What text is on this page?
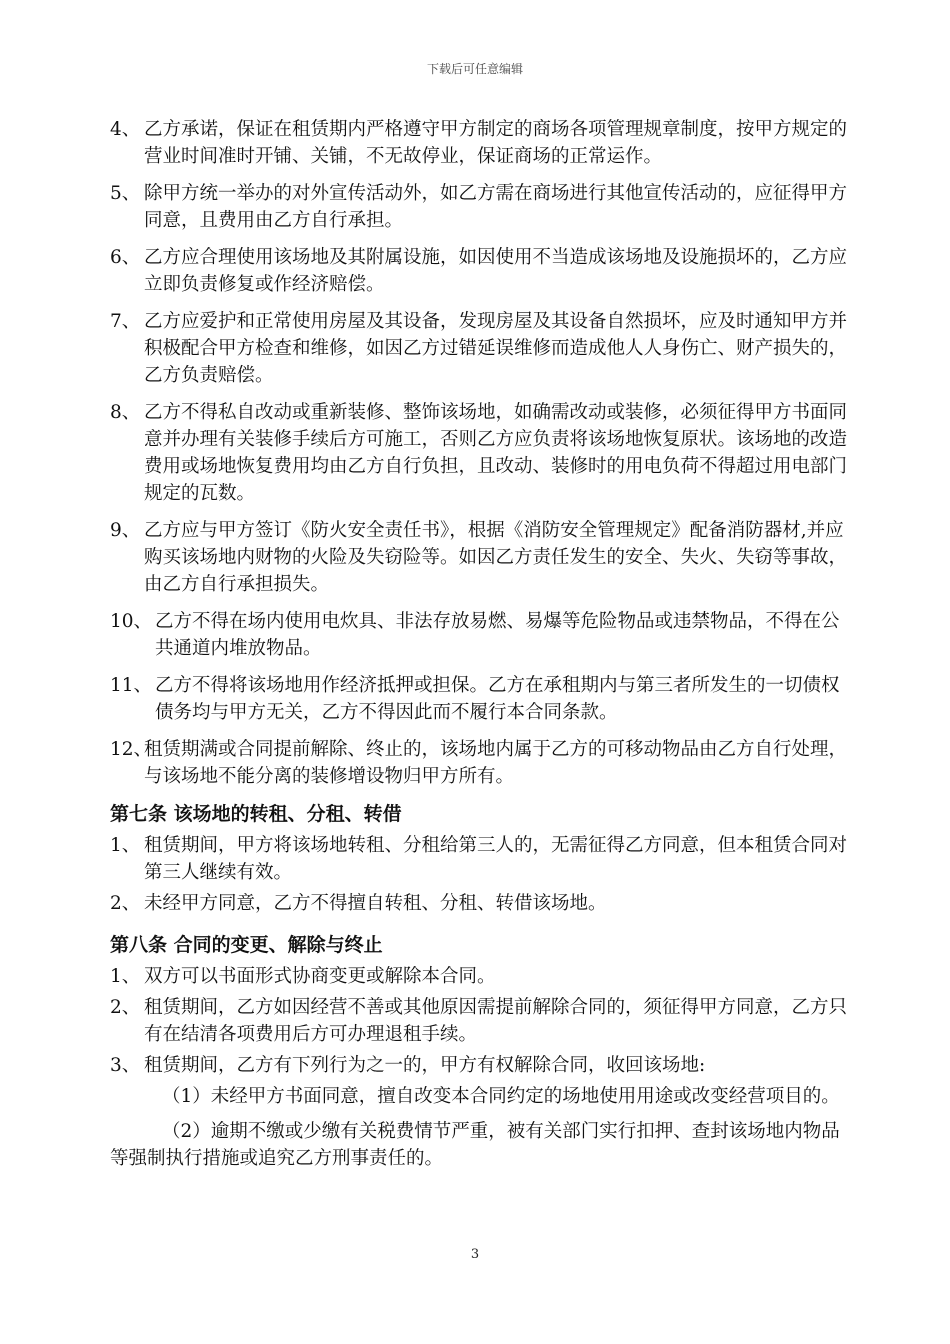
下载后可任意编辑
4、 乙方承诺，保证在租赁期内严格遵守甲方制定的商场各项管理规章制度，按甲方规定的营业时间准时开铺、关铺，不无故停业，保证商场的正常运作。
5、 除甲方统一举办的对外宣传活动外，如乙方需在商场进行其他宣传活动的，应征得甲方同意，且费用由乙方自行承担。
6、 乙方应合理使用该场地及其附属设施，如因使用不当造成该场地及设施损坏的，乙方应立即负责修复或作经济赔偿。
7、 乙方应爱护和正常使用房屋及其设备，发现房屋及其设备自然损坏，应及时通知甲方并积极配合甲方检查和维修，如因乙方过错延误维修而造成他人人身伤亡、财产损失的，乙方负责赔偿。
8、 乙方不得私自改动或重新装修、整饰该场地，如确需改动或装修，必须征得甲方书面同意并办理有关装修手续后方可施工，否则乙方应负责将该场地恢复原状。该场地的改造费用或场地恢复费用均由乙方自行负担，且改动、装修时的用电负荷不得超过用电部门规定的瓦数。
9、 乙方应与甲方签订《防火安全责任书》，根据《消防安全管理规定》配备消防器材,并应购买该场地内财物的火险及失窃险等。如因乙方责任发生的安全、失火、失窃等事故，由乙方自行承担损失。
10、 乙方不得在场内使用电炊具、非法存放易燃、易爆等危险物品或违禁物品，不得在公共通道内堆放物品。
11、 乙方不得将该场地用作经济抵押或担保。乙方在承租期内与第三者所发生的一切债权债务均与甲方无关，乙方不得因此而不履行本合同条款。
12、
租赁期满或合同提前解除、终止的，该场地内属于乙方的可移动物品由乙方自行处理，与该场地不能分离的装修增设物归甲方所有。
第七条 该场地的转租、分租、转借
1、 租赁期间，甲方将该场地转租、分租给第三人的，无需征得乙方同意，但本租赁合同对第三人继续有效。
2、 未经甲方同意，乙方不得擅自转租、分租、转借该场地。
第八条 合同的变更、解除与终止
1、 双方可以书面形式协商变更或解除本合同。
2、 租赁期间，乙方如因经营不善或其他原因需提前解除合同的，须征得甲方同意，乙方只有在结清各项费用后方可办理退租手续。
3、 租赁期间，乙方有下列行为之一的，甲方有权解除合同，收回该场地:
（1）未经甲方书面同意，擅自改变本合同约定的场地使用用途或改变经营项目的。
（2）逾期不缴或少缴有关税费情节严重，被有关部门实行扣押、查封该场地内物品等强制执行措施或追究乙方刑事责任的。
3
